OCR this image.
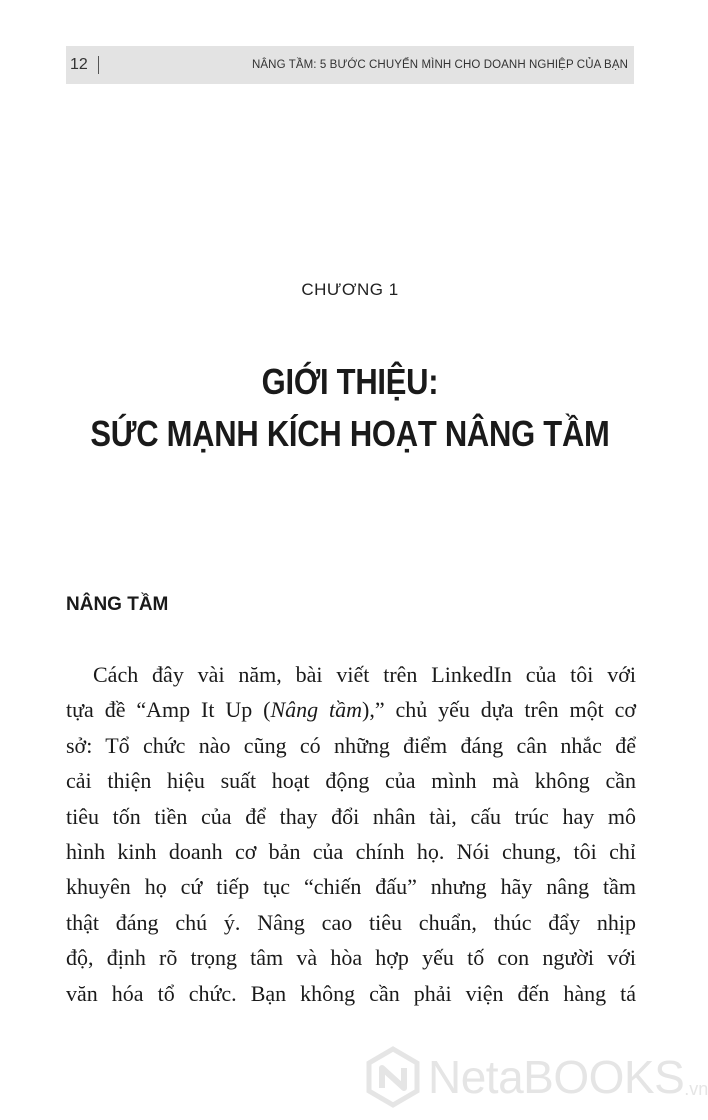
12	NÂNG TẦM: 5 BƯỚC CHUYỂN MÌNH CHO DOANH NGHIỆP CỦA BẠN
CHƯƠNG 1
GIỚI THIỆU:
SỨC MẠNH KÍCH HOẠT NÂNG TẦM
NÂNG TẦM
Cách đây vài năm, bài viết trên LinkedIn của tôi với
tựa đề “Amp It Up (Nâng tầm),” chủ yếu dựa trên một cơ
sở: Tổ chức nào cũng có những điểm đáng cân nhắc để
cải thiện hiệu suất hoạt động của mình mà không cần
tiêu tốn tiền của để thay đổi nhân tài, cấu trúc hay mô
hình kinh doanh cơ bản của chính họ. Nói chung, tôi chỉ
khuyên họ cứ tiếp tục “chiến đấu” nhưng hãy nâng tầm
thật đáng chú ý. Nâng cao tiêu chuẩn, thúc đẩy nhịp
độ, định rõ trọng tâm và hòa hợp yếu tố con người với
văn hóa tổ chức. Bạn không cần phải viện đến hàng tá
NetaBOOKS .vn
